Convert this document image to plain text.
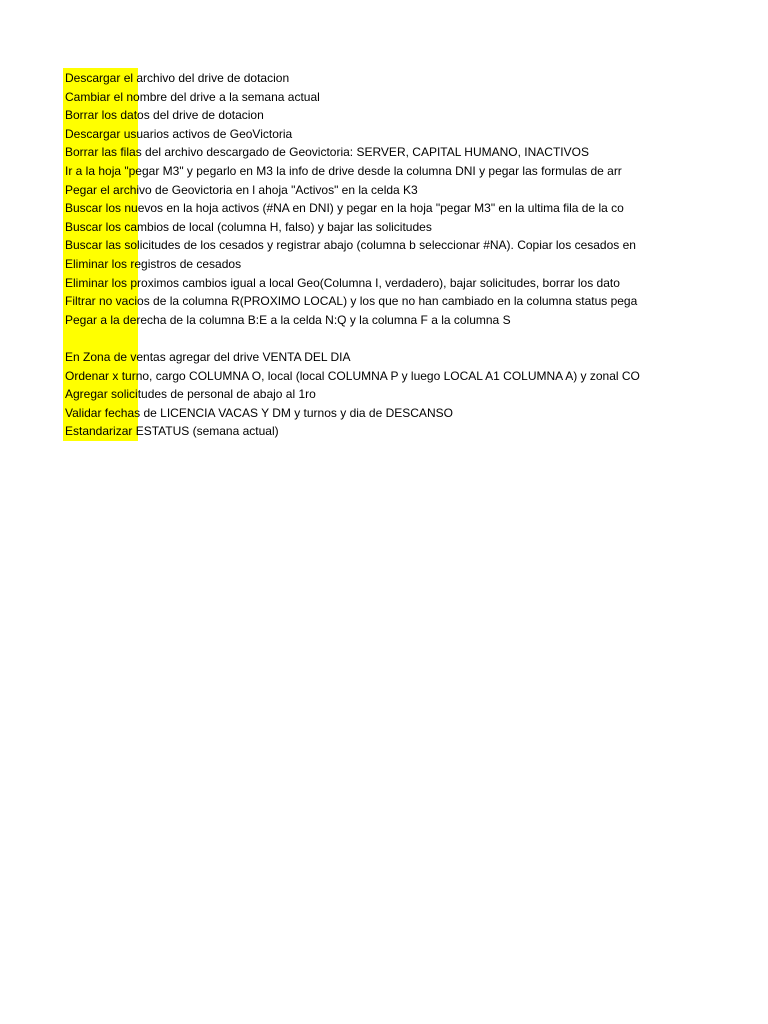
Descargar el archivo del drive de dotacion
Cambiar el nombre del drive a la semana actual
Borrar los datos del drive de dotacion
Descargar usuarios activos de GeoVictoria
Borrar las filas del archivo descargado de Geovictoria: SERVER, CAPITAL HUMANO, INACTIVOS
Ir a la hoja "pegar M3" y pegarlo en M3 la info de drive desde la columna DNI y pegar las formulas de arr
Pegar el archivo de Geovictoria en l ahoja "Activos" en la celda K3
Buscar los nuevos en la hoja activos (#NA en DNI) y pegar en la hoja "pegar M3" en la ultima fila de la co
Buscar los cambios de local (columna H, falso) y bajar las solicitudes
Buscar las solicitudes de los cesados y registrar abajo (columna b seleccionar #NA). Copiar los cesados en
Eliminar los registros de cesados
Eliminar los proximos cambios igual a local Geo(Columna I, verdadero), bajar solicitudes, borrar los dato
Filtrar no vacios de la columna R(PROXIMO LOCAL) y los que no han cambiado en la columna status pega
Pegar a la derecha de la columna B:E a la celda N:Q y la columna F a la columna S
En Zona de ventas agregar del drive VENTA DEL DIA
Ordenar x turno, cargo COLUMNA O, local (local COLUMNA P y luego LOCAL A1 COLUMNA A) y zonal CO
Agregar solicitudes de personal de abajo al 1ro
Validar fechas de LICENCIA VACAS Y DM y turnos y dia de DESCANSO
Estandarizar ESTATUS (semana actual)
